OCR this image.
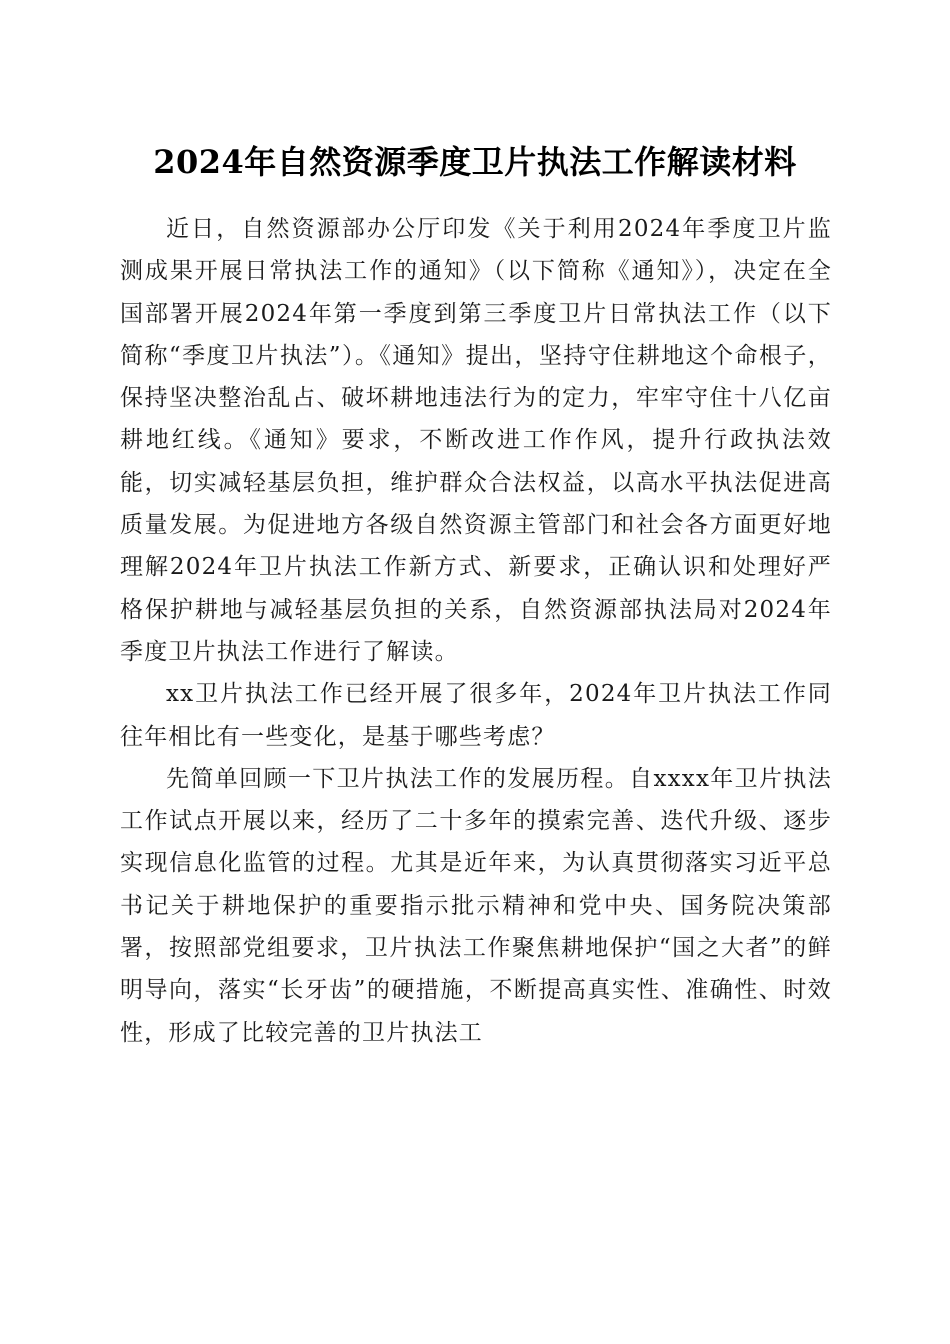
2024年自然资源季度卫片执法工作解读材料

近日，自然资源部办公厅印发《关于利用2024年季度卫片监测成果开展日常执法工作的通知》（以下简称《通知》），决定在全国部署开展2024年第一季度到第三季度卫片日常执法工作（以下简称“季度卫片执法”）。《通知》提出，坚持守住耕地这个命根子，保持坚决整治乱占、破坏耕地违法行为的定力，牢牢守住十八亿亩耕地红线。《通知》要求，不断改进工作作风，提升行政执法效能，切实减轻基层负担，维护群众合法权益，以高水平执法促进高质量发展。为促进地方各级自然资源主管部门和社会各方面更好地理解2024年卫片执法工作新方式、新要求，正确认识和处理好严格保护耕地与减轻基层负担的关系，自然资源部执法局对2024年季度卫片执法工作进行了解读。

xx卫片执法工作已经开展了很多年，2024年卫片执法工作同往年相比有一些变化，是基于哪些考虑？

先简单回顾一下卫片执法工作的发展历程。自xxxx年卫片执法工作试点开展以来，经历了二十多年的摸索完善、迭代升级、逐步实现信息化监管的过程。尤其是近年来，为认真贯彻落实习近平总书记关于耕地保护的重要指示批示精神和党中央、国务院决策部署，按照部党组要求，卫片执法工作聚焦耕地保护“国之大者”的鲜明导向，落实“长牙齿”的硬措施，不断提高真实性、准确性、时效性，形成了比较完善的卫片执法工
